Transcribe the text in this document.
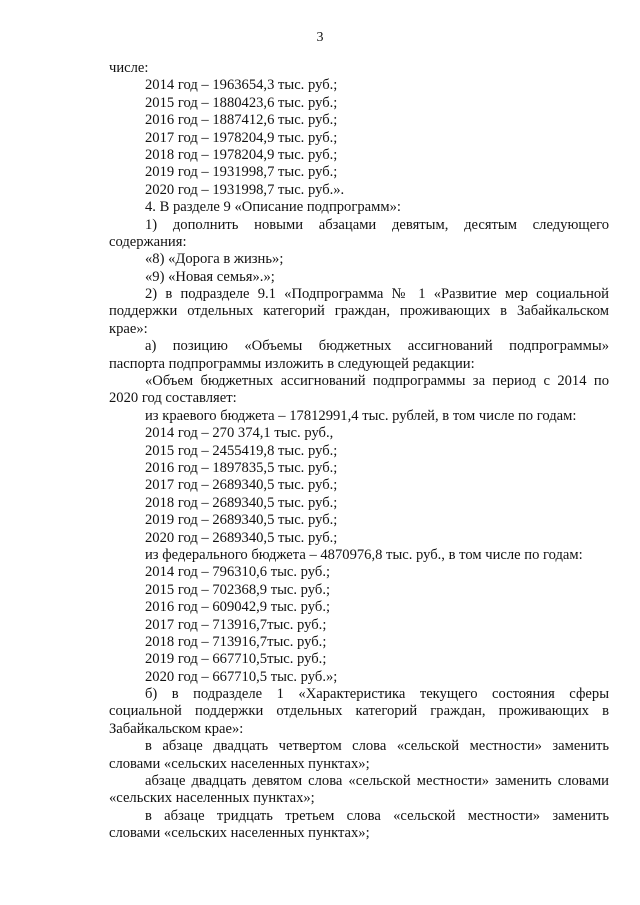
3
числе:
2014 год – 1963654,3 тыс. руб.;
2015 год – 1880423,6 тыс. руб.;
2016 год – 1887412,6 тыс. руб.;
2017 год – 1978204,9 тыс. руб.;
2018 год – 1978204,9 тыс. руб.;
2019 год – 1931998,7 тыс. руб.;
2020 год – 1931998,7 тыс. руб.».
4. В разделе 9 «Описание подпрограмм»:
1) дополнить новыми абзацами девятым, десятым следующего
содержания:
«8) «Дорога в жизнь»;
«9) «Новая семья».»;
2) в подразделе 9.1 «Подпрограмма № 1 «Развитие мер социальной
поддержки отдельных категорий граждан, проживающих в Забайкальском
крае»:
а) позицию «Объемы бюджетных ассигнований подпрограммы»
паспорта подпрограммы изложить в следующей редакции:
«Объем бюджетных ассигнований подпрограммы за период с 2014 по
2020 год составляет:
из краевого бюджета – 17812991,4 тыс. рублей, в том числе по годам:
2014 год – 270 374,1 тыс. руб.,
2015 год – 2455419,8 тыс. руб.;
2016 год – 1897835,5 тыс. руб.;
2017 год – 2689340,5 тыс. руб.;
2018 год – 2689340,5 тыс. руб.;
2019 год – 2689340,5 тыс. руб.;
2020 год – 2689340,5 тыс. руб.;
из федерального бюджета – 4870976,8 тыс. руб., в том числе по годам:
2014 год – 796310,6 тыс. руб.;
2015 год – 702368,9 тыс. руб.;
2016 год – 609042,9 тыс. руб.;
2017 год – 713916,7тыс. руб.;
2018 год – 713916,7тыс. руб.;
2019 год – 667710,5тыс. руб.;
2020 год – 667710,5 тыс. руб.»;
б) в подразделе 1 «Характеристика текущего состояния сферы
социальной поддержки отдельных категорий граждан, проживающих в
Забайкальском крае»:
в абзаце двадцать четвертом слова «сельской местности» заменить
словами «сельских населенных пунктах»;
абзаце двадцать девятом слова «сельской местности» заменить словами
«сельских населенных пунктах»;
в абзаце тридцать третьем слова «сельской местности» заменить
словами «сельских населенных пунктах»;
